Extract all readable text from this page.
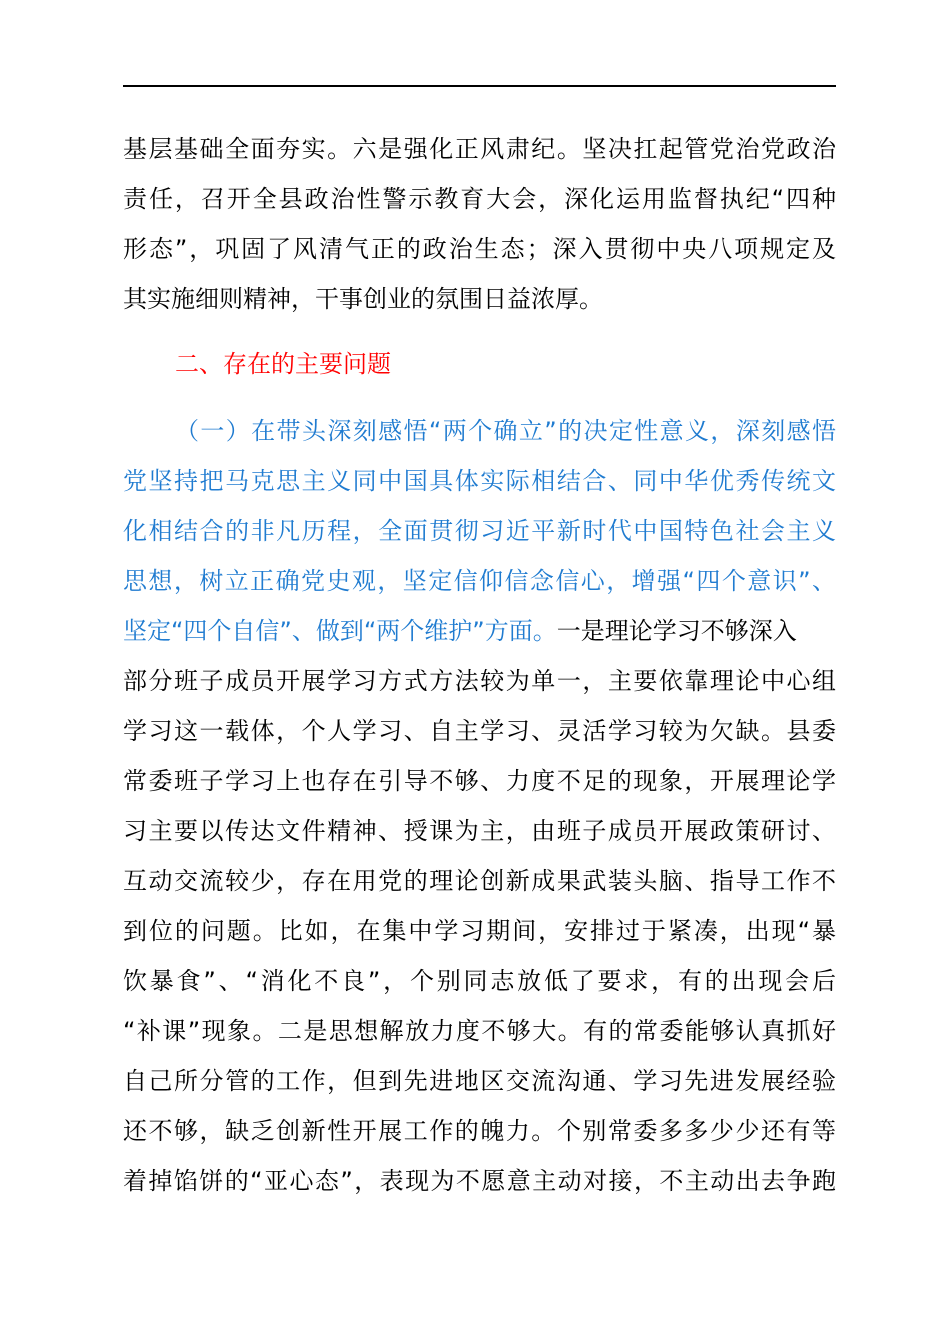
基层基础全面夯实。六是强化正风肃纪。坚决扛起管党治党政治
责任，召开全县政治性警示教育大会，深化运用监督执纪“四种
形态”，巩固了风清气正的政治生态；深入贯彻中央八项规定及
其实施细则精神，干事创业的氛围日益浓厚。
二、存在的主要问题
（一）在带头深刻感悟“两个确立”的决定性意义，深刻感悟
党坚持把马克思主义同中国具体实际相结合、同中华优秀传统文
化相结合的非凡历程，全面贯彻习近平新时代中国特色社会主义
思想，树立正确党史观，坚定信仰信念信心，增强“四个意识”、
坚定“四个自信”、做到“两个维护”方面。一是理论学习不够深入
部分班子成员开展学习方式方法较为单一，主要依靠理论中心组
学习这一载体，个人学习、自主学习、灵活学习较为欠缺。县委
常委班子学习上也存在引导不够、力度不足的现象，开展理论学
习主要以传达文件精神、授课为主，由班子成员开展政策研讨、
互动交流较少，存在用党的理论创新成果武装头脑、指导工作不
到位的问题。比如，在集中学习期间，安排过于紧凑，出现“暴
饮暴食”、“消化不良”，个别同志放低了要求，有的出现会后
“补课”现象。二是思想解放力度不够大。有的常委能够认真抓好
自己所分管的工作，但到先进地区交流沟通、学习先进发展经验
还不够，缺乏创新性开展工作的魄力。个别常委多多少少还有等
着掉馅饼的“亚心态”，表现为不愿意主动对接，不主动出去争跑
